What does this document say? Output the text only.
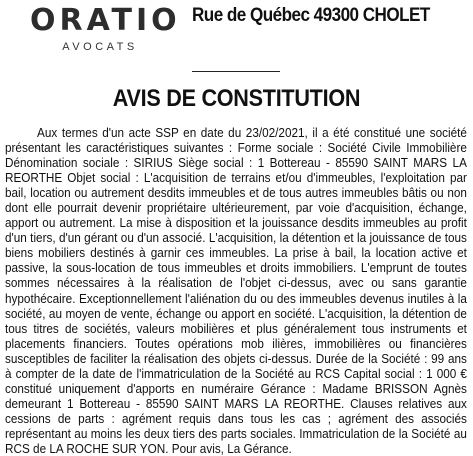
ORATIO
AVOCATS
Rue de Québec 49300 CHOLET
AVIS DE CONSTITUTION

Aux termes d'un acte SSP en date du 23/02/2021, il a été constitué une société présentant les caractéristiques suivantes : Forme sociale : Société Civile Immobilière Dénomination sociale : SIRIUS Siège social : 1 Bottereau - 85590 SAINT MARS LA REORTHE Objet social : L'acquisition de terrains et/ou d'immeubles, l'exploitation par bail, location ou autrement desdits immeubles et de tous autres immeubles bâtis ou non dont elle pourrait devenir propriétaire ultérieurement, par voie d'acquisition, échange, apport ou autrement. La mise à disposition et la jouissance desdits immeubles au profit d'un tiers, d'un gérant ou d'un associé. L'acquisition, la détention et la jouissance de tous biens mobiliers destinés à garnir ces immeubles. La prise à bail, la location active et passive, la sous-location de tous immeubles et droits immobiliers. L'emprunt de toutes sommes nécessaires à la réalisation de l'objet ci-dessus, avec ou sans garantie hypothécaire. Exceptionnellement l'aliénation du ou des immeubles devenus inutiles à la société, au moyen de vente, échange ou apport en société. L'acquisition, la détention de tous titres de sociétés, valeurs mobilières et plus généralement tous instruments et placements financiers. Toutes opérations mob ilières, immobilières ou financières susceptibles de faciliter la réalisation des objets ci-dessus. Durée de la Société : 99 ans à compter de la date de l'immatriculation de la Société au RCS Capital social : 1 000 € constitué uniquement d'apports en numéraire Gérance : Madame BRISSON Agnès demeurant 1 Bottereau - 85590 SAINT MARS LA REORTHE. Clauses relatives aux cessions de parts : agrément requis dans tous les cas ; agrément des associés représentant au moins les deux tiers des parts sociales. Immatriculation de la Société au RCS de LA ROCHE SUR YON. Pour avis, La Gérance.
